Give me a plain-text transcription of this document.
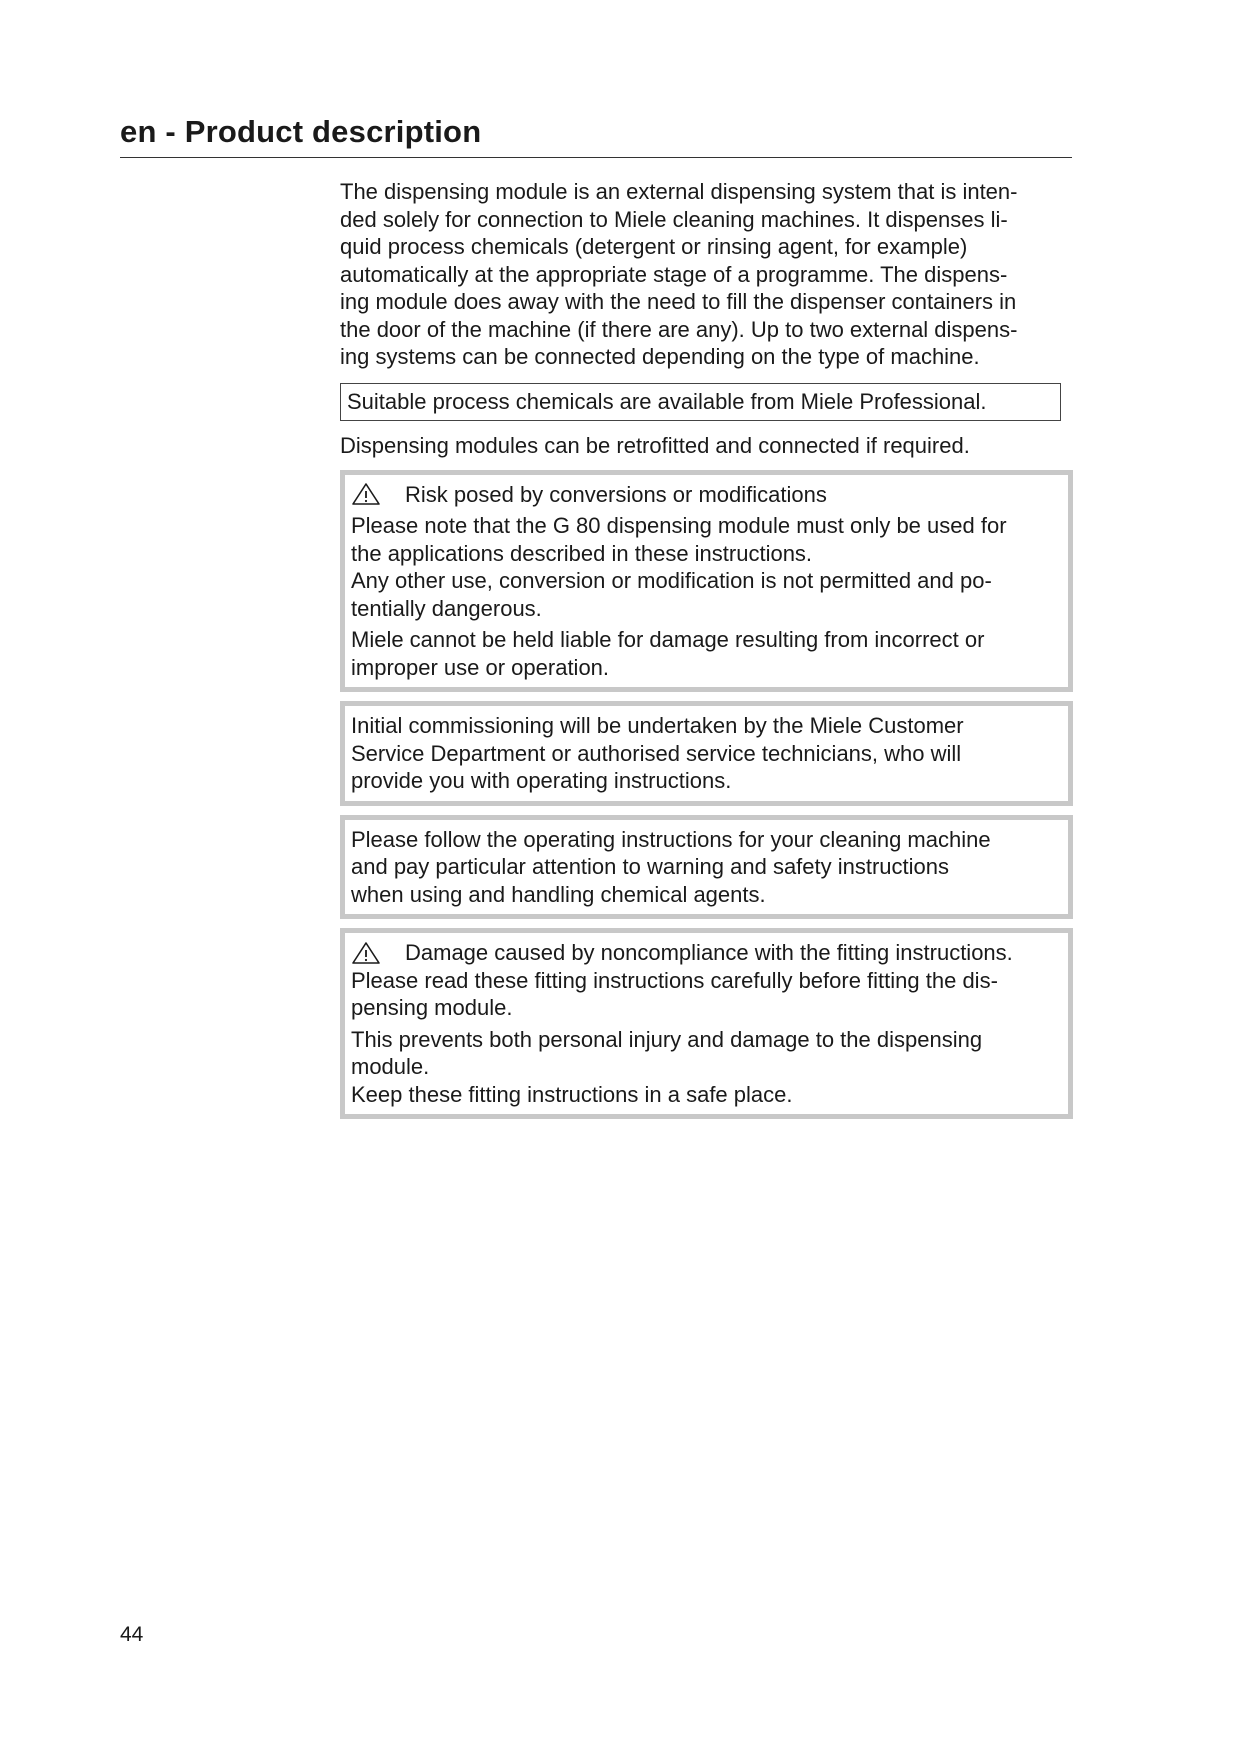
en - Product description

The dispensing module is an external dispensing system that is inten-

ded solely for connection to Miele cleaning machines. It dispenses li-

quid process chemicals (detergent or rinsing agent, for example)

automatically at the appropriate stage of a programme. The dispens-

ing module does away with the need to fill the dispenser containers in

the door of the machine (if there are any). Up to two external dispens-

ing systems can be connected depending on the type of machine.

Suitable process chemicals are available from Miele Professional.
Dispensing modules can be retrofitted and connected if required.
Risk posed by conversions or modifications
Please note that the G 80 dispensing module must only be used for
the applications described in these instructions.
Any other use, conversion or modification is not permitted and po-
tentially dangerous.
Miele cannot be held liable for damage resulting from incorrect or
improper use or operation.
Initial commissioning will be undertaken by the Miele Customer
Service Department or authorised service technicians, who will
provide you with operating instructions.
Please follow the operating instructions for your cleaning machine
and pay particular attention to warning and safety instructions
when using and handling chemical agents.
Damage caused by noncompliance with the fitting instructions.
Please read these fitting instructions carefully before fitting the dis-
pensing module.
This prevents both personal injury and damage to the dispensing
module.
Keep these fitting instructions in a safe place.
44
